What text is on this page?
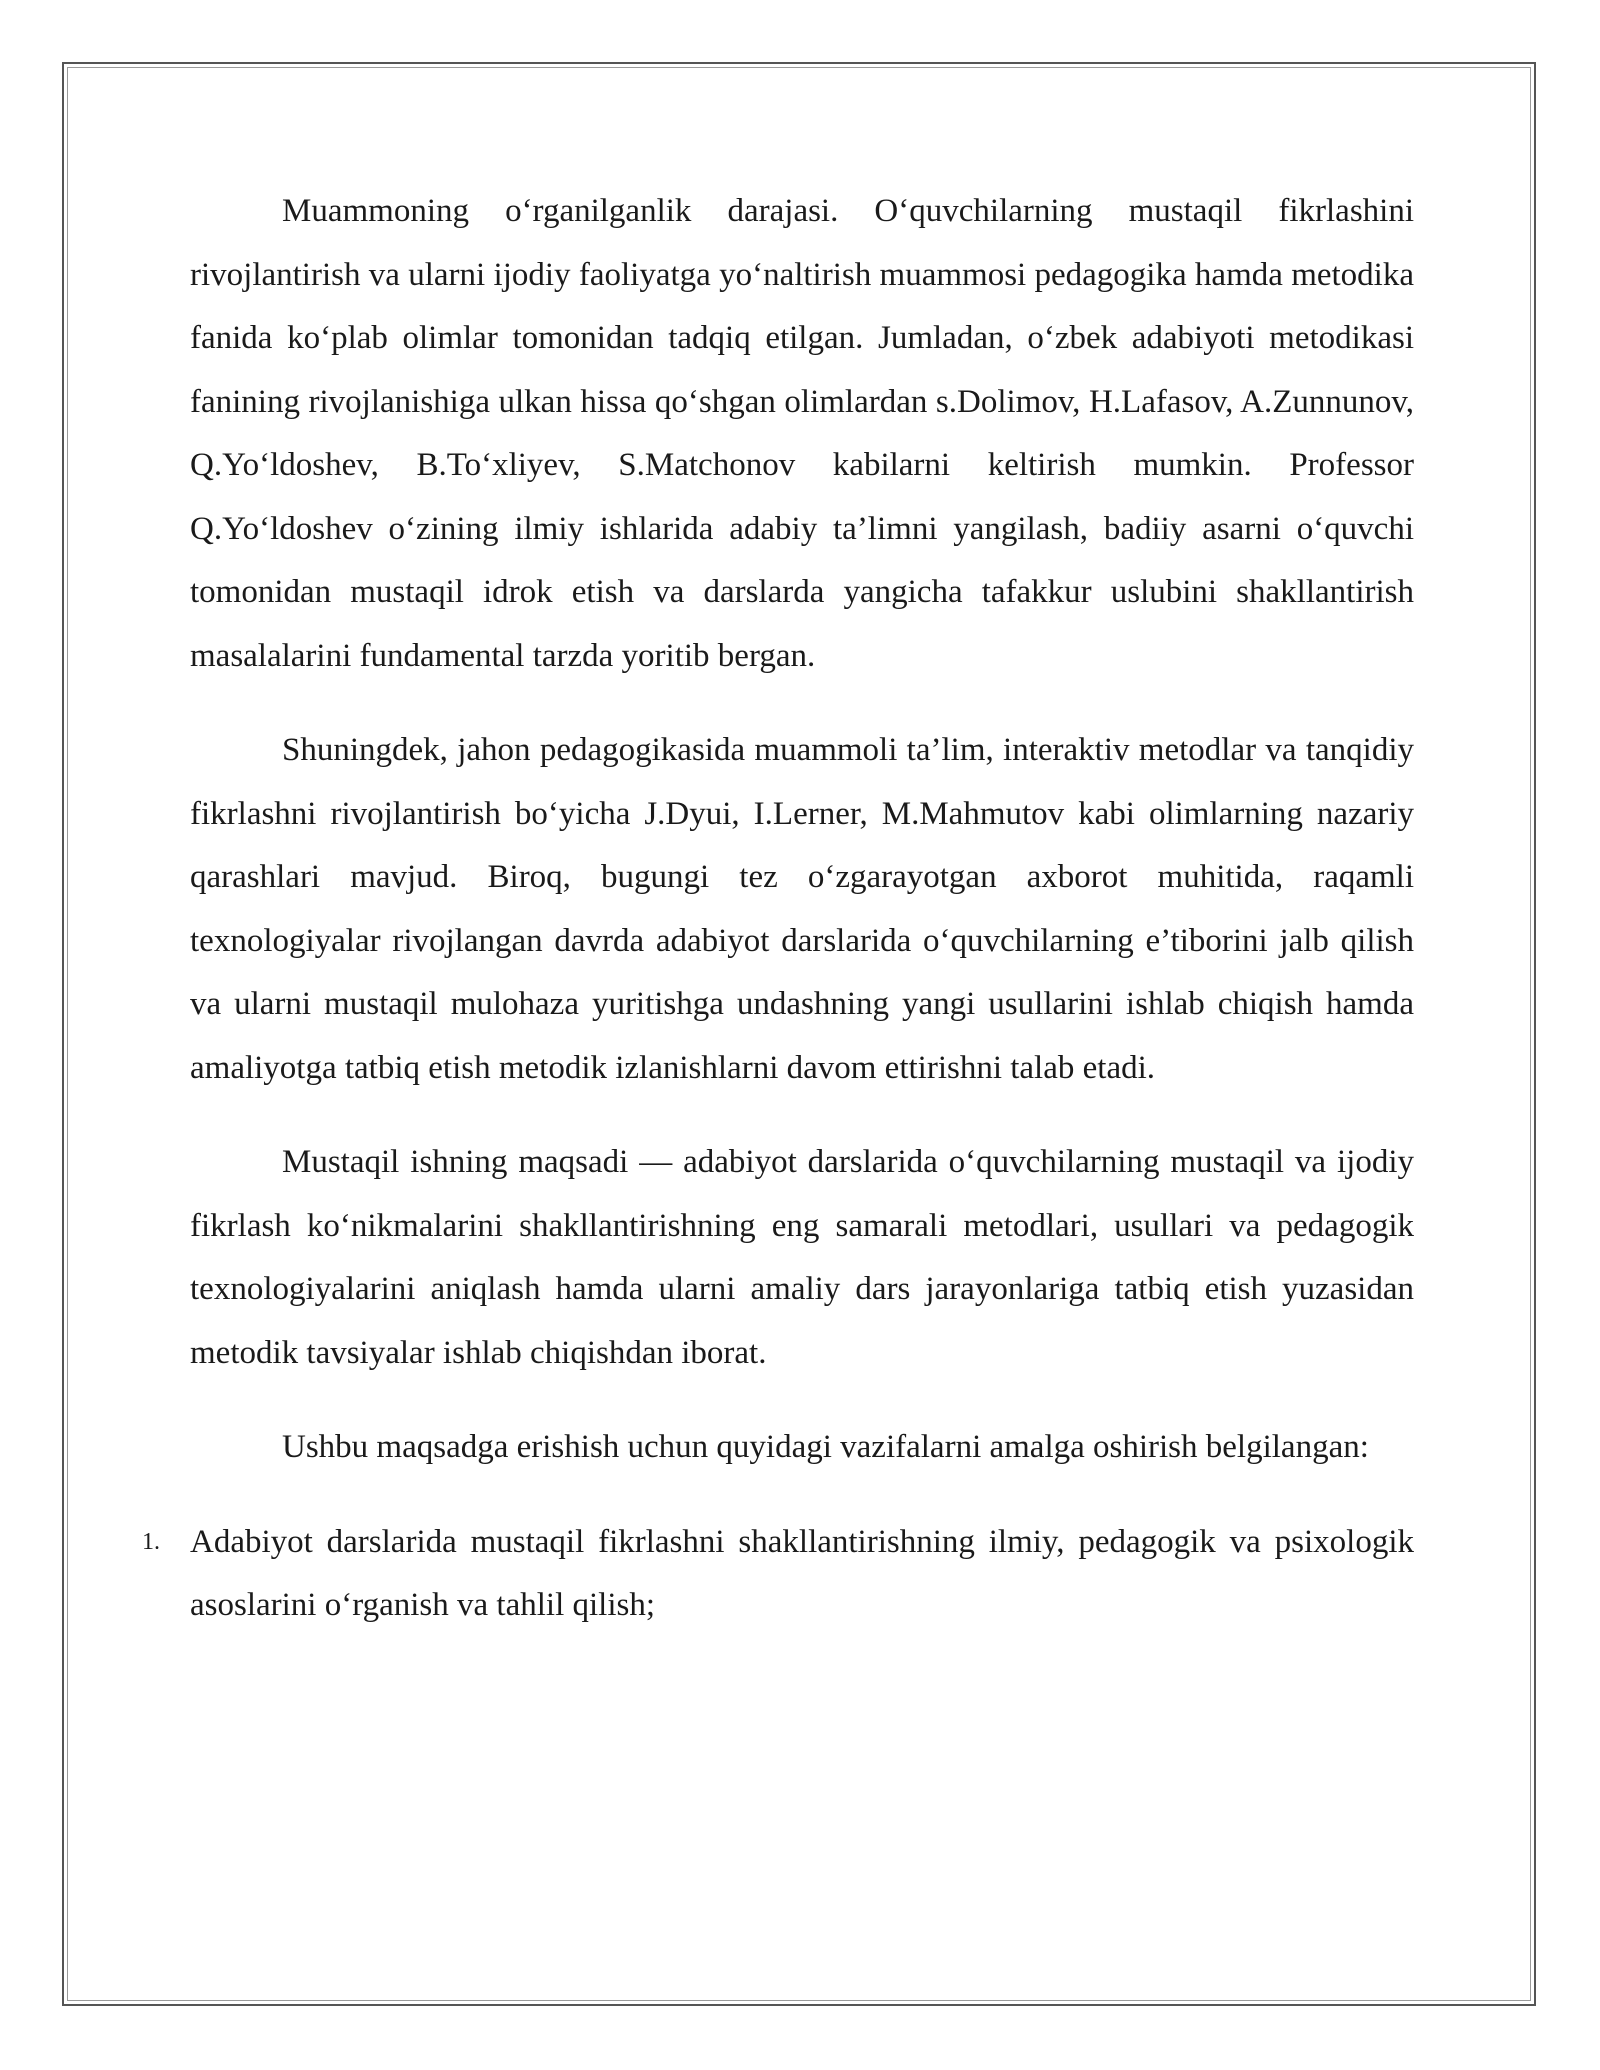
Muammoning o‘rganilganlik darajasi. O‘quvchilarning mustaqil fikrlashini rivojlantirish va ularni ijodiy faoliyatga yo‘naltirish muammosi pedagogika hamda metodika fanida ko‘plab olimlar tomonidan tadqiq etilgan. Jumladan, o‘zbek adabiyoti metodikasi fanining rivojlanishiga ulkan hissa qo‘shgan olimlardan s.Dolimov, H.Lafasov, A.Zunnunov, Q.Yo‘ldoshev, B.To‘xliyev, S.Matchonov kabilarni keltirish mumkin. Professor Q.Yo‘ldoshev o‘zining ilmiy ishlarida adabiy ta’limni yangilash, badiiy asarni o‘quvchi tomonidan mustaqil idrok etish va darslarda yangicha tafakkur uslubini shakllantirish masalalarini fundamental tarzda yoritib bergan.

Shuningdek, jahon pedagogikasida muammoli ta’lim, interaktiv metodlar va tanqidiy fikrlashni rivojlantirish bo‘yicha J.Dyui, I.Lerner, M.Mahmutov kabi olimlarning nazariy qarashlari mavjud. Biroq, bugungi tez o‘zgarayotgan axborot muhitida, raqamli texnologiyalar rivojlangan davrda adabiyot darslarida o‘quvchilarning e’tiborini jalb qilish va ularni mustaqil mulohaza yuritishga undashning yangi usullarini ishlab chiqish hamda amaliyotga tatbiq etish metodik izlanishlarni davom ettirishni talab etadi.

Mustaqil ishning maqsadi — adabiyot darslarida o‘quvchilarning mustaqil va ijodiy fikrlash ko‘nikmalarini shakllantirishning eng samarali metodlari, usullari va pedagogik texnologiyalarini aniqlash hamda ularni amaliy dars jarayonlariga tatbiq etish yuzasidan metodik tavsiyalar ishlab chiqishdan iborat.

Ushbu maqsadga erishish uchun quyidagi vazifalarni amalga oshirish belgilangan:

1. Adabiyot darslarida mustaqil fikrlashni shakllantirishning ilmiy, pedagogik va psixologik asoslarini o‘rganish va tahlil qilish;
